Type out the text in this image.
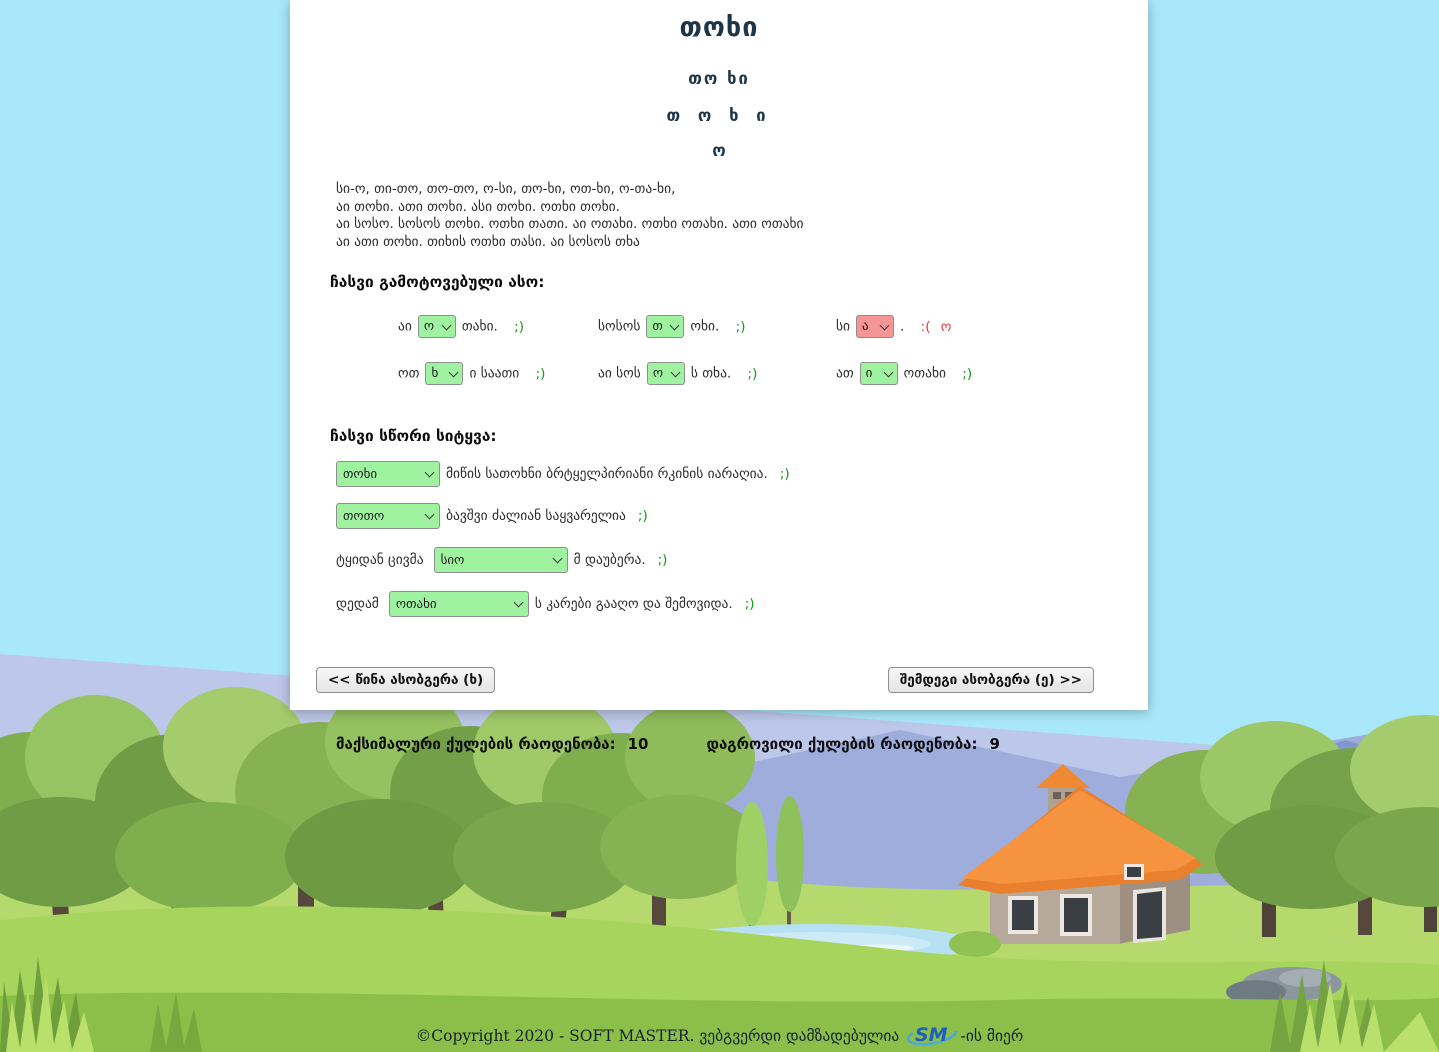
თოხი
თო ხი
თ ო ხ ი
ო
სი-ო, თი-თო, თო-თო, ო-სი, თო-ხი, ოთ-ხი, ო-თა-ხი,
აი თოხი. ათი თოხი. ასი თოხი. ოთხი თოხი.
აი სოსო. სოსოს თოხი. ოთხი თათი. აი ოთახი. ოთხი ოთახი. ათი ოთახი
აი ათი თოხი. თიხის ოთხი თასი. აი სოსოს თხა
ჩასვი გამოტოვებული ასო:
აი ო თახი. ;)	სოსოს თ ოხი. ;)	სი ა . :( ო
ოთ ხ ი საათი ;)	აი სოს ო ს თხა. ;)	ათ ი ოთახი ;)
ჩასვი სწორი სიტყვა:
თოხი	მიწის სათოხნი ბრტყელპირიანი რკინის იარაღია. ;)
თოთო	ბავშვი ძალიან საყვარელია ;)
ტყიდან ცივმა სიო	მ დაუბერა. ;)
დედამ ოთახი	ს კარები გააღო და შემოვიდა. ;)
<< წინა ასობგერა (ხ)	შემდეგი ასობგერა (ე) >>
მაქსიმალური ქულების რაოდენობა: 10	დაგროვილი ქულების რაოდენობა: 9
©Copyright 2020 - SOFT MASTER. ვებგვერდი დამზადებულია SM -ის მიერ
